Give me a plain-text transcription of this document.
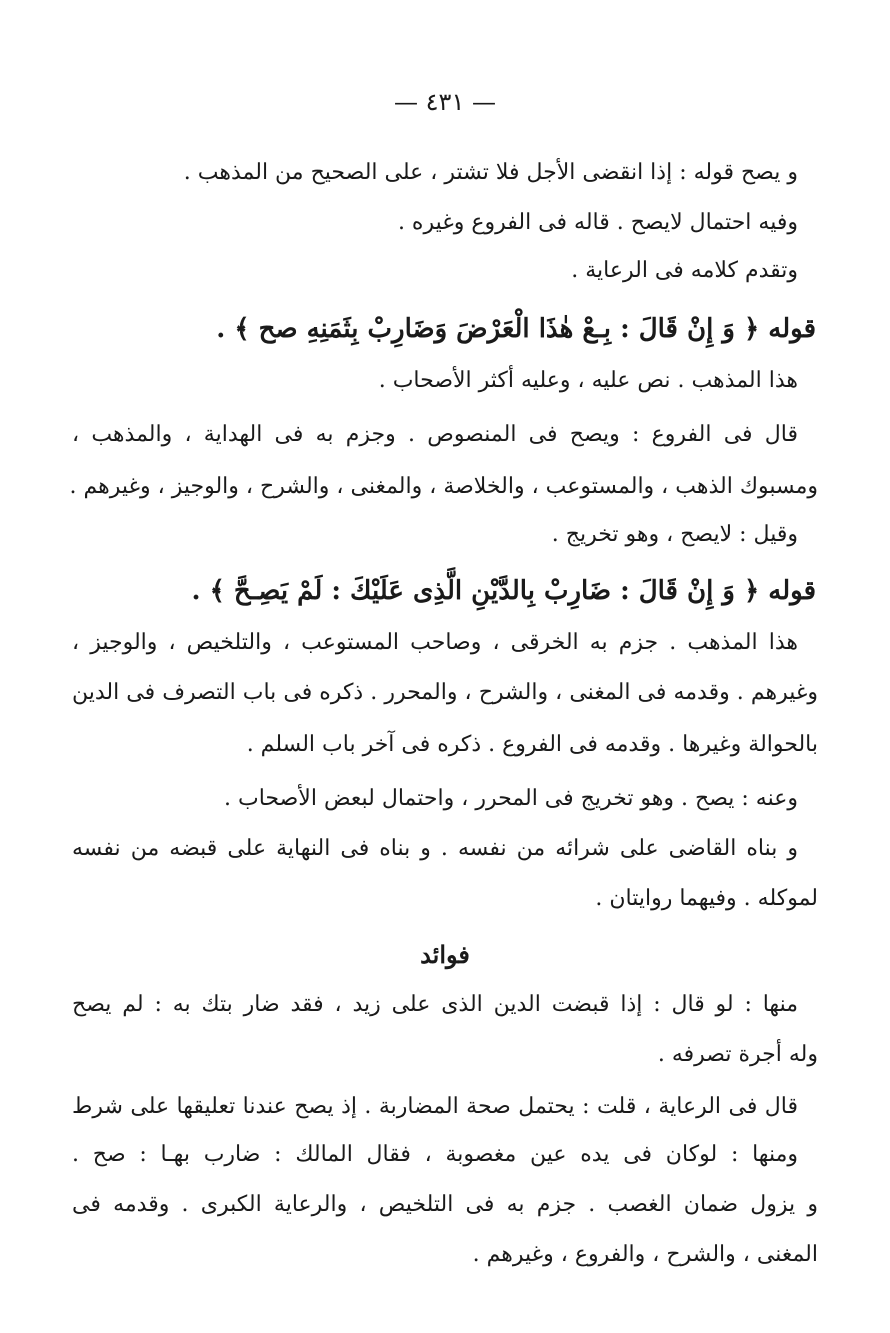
— ٤٣١ —
و يصح قوله : إذا انقضى الأجل فلا تشتر ، على الصحيح من المذهب .
وفيه احتمال لايصح . قاله فى الفروع وغيره .
وتقدم كلامه فى الرعاية .
قوله ﴿ وَ إِنْ قَالَ : بِـعْ هٰذَا الْعَرْضَ وَضَارِبْ بِثَمَنِهِ صح ﴾ .
هذا المذهب . نص عليه ، وعليه أكثر الأصحاب .
قال فى الفروع : ويصح فى المنصوص . وجزم به فى الهداية ، والمذهب ،
ومسبوك الذهب ، والمستوعب ، والخلاصة ، والمغنى ، والشرح ، والوجيز ، وغيرهم .
وقيل : لايصح ، وهو تخريج .
قوله ﴿ وَ إِنْ قَالَ : ضَارِبْ بِالدَّيْنِ الَّذِى عَلَيْكَ : لَمْ يَصِـحَّ ﴾ .
هذا المذهب . جزم به الخرقى ، وصاحب المستوعب ، والتلخيص ، والوجيز ،
وغيرهم . وقدمه فى المغنى ، والشرح ، والمحرر . ذكره فى باب التصرف فى الدين
بالحوالة وغيرها . وقدمه فى الفروع . ذكره فى آخر باب السلم .
وعنه : يصح . وهو تخريج فى المحرر ، واحتمال لبعض الأصحاب .
و بناه القاضى على شرائه من نفسه . و بناه فى النهاية على قبضه من نفسه
لموكله . وفيهما روايتان .
فوائد
منها : لو قال : إذا قبضت الدين الذى على زيد ، فقد ضار بتك به : لم يصح
وله أجرة تصرفه .
قال فى الرعاية ، قلت : يحتمل صحة المضاربة . إذ يصح عندنا تعليقها على شرط
ومنها : لوكان فى يده عين مغصوبة ، فقال المالك : ضارب بهـا : صح .
و يزول ضمان الغصب . جزم به فى التلخيص ، والرعاية الكبرى . وقدمه فى
المغنى ، والشرح ، والفروع ، وغيرهم .
